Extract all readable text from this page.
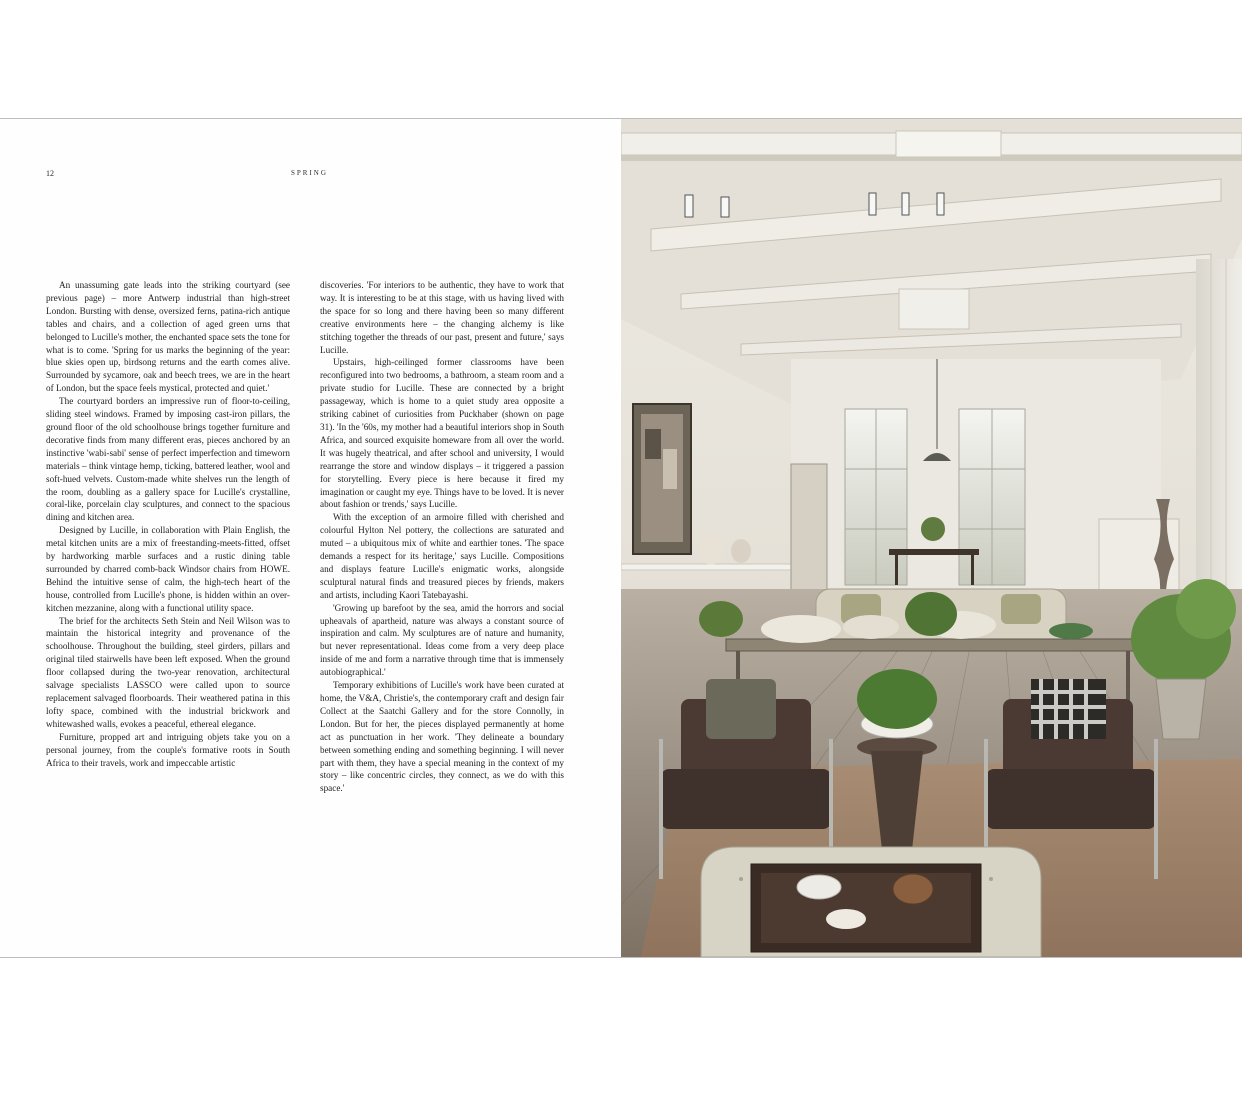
12	SPRING

An unassuming gate leads into the striking courtyard (see previous page) – more Antwerp industrial than high-street London. Bursting with dense, oversized ferns, patina-rich antique tables and chairs, and a collection of aged green urns that belonged to Lucille's mother, the enchanted space sets the tone for what is to come. 'Spring for us marks the beginning of the year: blue skies open up, birdsong returns and the earth comes alive. Surrounded by sycamore, oak and beech trees, we are in the heart of London, but the space feels mystical, protected and quiet.'

The courtyard borders an impressive run of floor-to-ceiling, sliding steel windows. Framed by imposing cast-iron pillars, the ground floor of the old schoolhouse brings together furniture and decorative finds from many different eras, pieces anchored by an instinctive 'wabi-sabi' sense of perfect imperfection and timeworn materials – think vintage hemp, ticking, battered leather, wool and soft-hued velvets. Custom-made white shelves run the length of the room, doubling as a gallery space for Lucille's crystalline, coral-like, porcelain clay sculptures, and connect to the spacious dining and kitchen area.

Designed by Lucille, in collaboration with Plain English, the metal kitchen units are a mix of freestanding-meets-fitted, offset by hardworking marble surfaces and a rustic dining table surrounded by charred comb-back Windsor chairs from HOWE. Behind the intuitive sense of calm, the high-tech heart of the house, controlled from Lucille's phone, is hidden within an over-kitchen mezzanine, along with a functional utility space.

The brief for the architects Seth Stein and Neil Wilson was to maintain the historical integrity and provenance of the schoolhouse. Throughout the building, steel girders, pillars and original tiled stairwells have been left exposed. When the ground floor collapsed during the two-year renovation, architectural salvage specialists LASSCO were called upon to source replacement salvaged floorboards. Their weathered patina in this lofty space, combined with the industrial brickwork and whitewashed walls, evokes a peaceful, ethereal elegance.

Furniture, propped art and intriguing objets take you on a personal journey, from the couple's formative roots in South Africa to their travels, work and impeccable artistic

discoveries. 'For interiors to be authentic, they have to work that way. It is interesting to be at this stage, with us having lived with the space for so long and there having been so many different creative environments here – the changing alchemy is like stitching together the threads of our past, present and future,' says Lucille.

Upstairs, high-ceilinged former classrooms have been reconfigured into two bedrooms, a bathroom, a steam room and a private studio for Lucille. These are connected by a bright passageway, which is home to a quiet study area opposite a striking cabinet of curiosities from Puckhaber (shown on page 31). 'In the '60s, my mother had a beautiful interiors shop in South Africa, and sourced exquisite homeware from all over the world. It was hugely theatrical, and after school and university, I would rearrange the store and window displays – it triggered a passion for storytelling. Every piece is here because it fired my imagination or caught my eye. Things have to be loved. It is never about fashion or trends,' says Lucille.

With the exception of an armoire filled with cherished and colourful Hylton Nel pottery, the collections are saturated and muted – a ubiquitous mix of white and earthier tones. 'The space demands a respect for its heritage,' says Lucille. Compositions and displays feature Lucille's enigmatic works, alongside sculptural natural finds and treasured pieces by friends, makers and artists, including Kaori Tatebayashi.

'Growing up barefoot by the sea, amid the horrors and social upheavals of apartheid, nature was always a constant source of inspiration and calm. My sculptures are of nature and humanity, but never representational. Ideas come from a very deep place inside of me and form a narrative through time that is immensely autobiographical.'

Temporary exhibitions of Lucille's work have been curated at home, the V&A, Christie's, the contemporary craft and design fair Collect at the Saatchi Gallery and for the store Connolly, in London. But for her, the pieces displayed permanently at home act as punctuation in her work. 'They delineate a boundary between something ending and something beginning. I will never part with them, they have a special meaning in the context of my story – like concentric circles, they connect, as we do with this space.'
